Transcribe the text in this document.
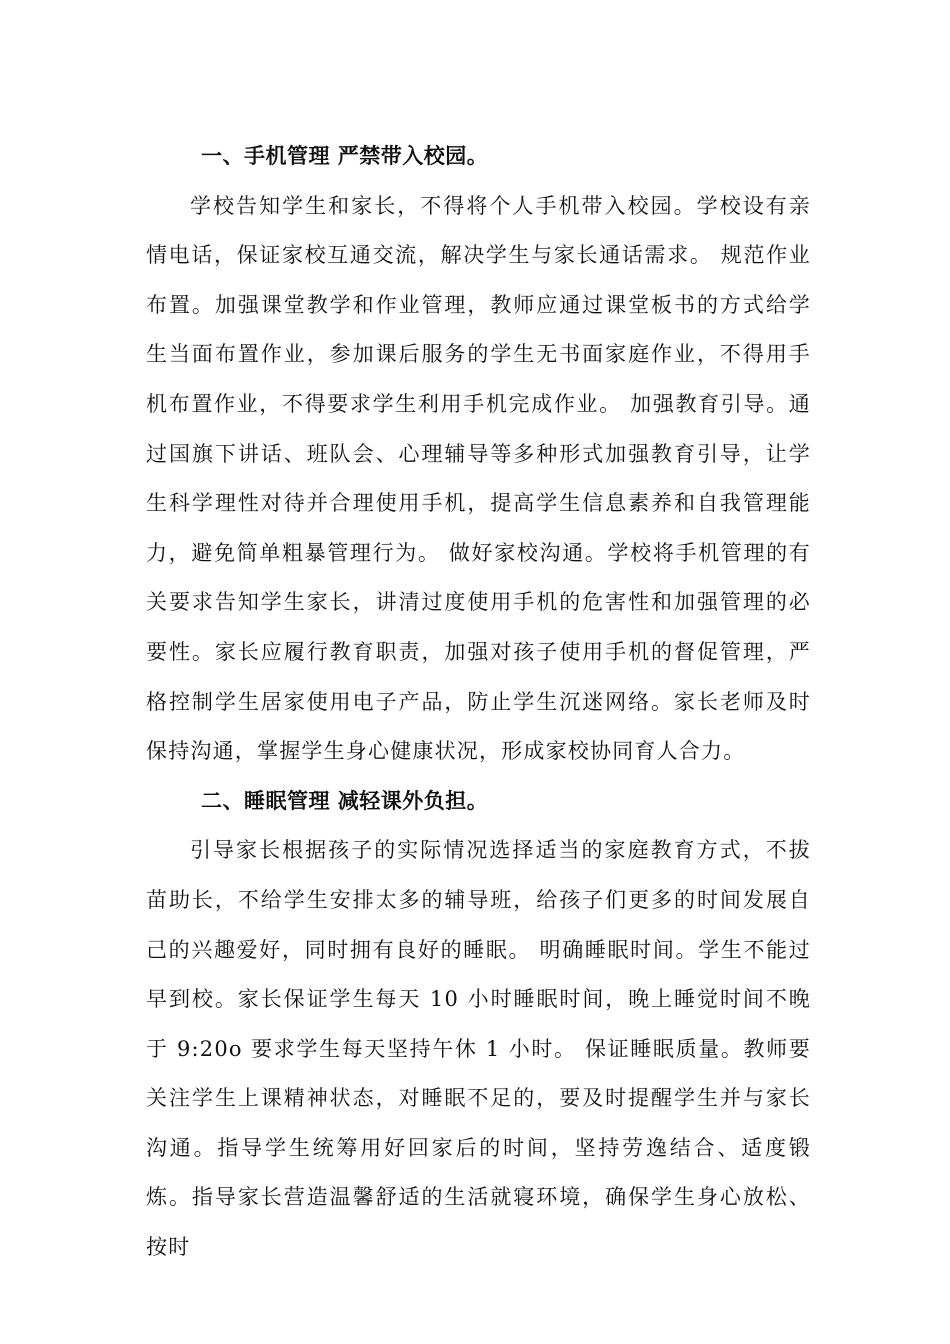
一、手机管理 严禁带入校园。

学校告知学生和家长，不得将个人手机带入校园。学校设有亲情电话，保证家校互通交流，解决学生与家长通话需求。 规范作业布置。加强课堂教学和作业管理，教师应通过课堂板书的方式给学生当面布置作业，参加课后服务的学生无书面家庭作业，不得用手机布置作业，不得要求学生利用手机完成作业。 加强教育引导。通过国旗下讲话、班队会、心理辅导等多种形式加强教育引导，让学生科学理性对待并合理使用手机，提高学生信息素养和自我管理能力，避免简单粗暴管理行为。 做好家校沟通。学校将手机管理的有关要求告知学生家长，讲清过度使用手机的危害性和加强管理的必要性。家长应履行教育职责，加强对孩子使用手机的督促管理，严格控制学生居家使用电子产品，防止学生沉迷网络。家长老师及时保持沟通，掌握学生身心健康状况，形成家校协同育人合力。

二、睡眠管理 减轻课外负担。

引导家长根据孩子的实际情况选择适当的家庭教育方式，不拔苗助长，不给学生安排太多的辅导班，给孩子们更多的时间发展自己的兴趣爱好，同时拥有良好的睡眠。 明确睡眠时间。学生不能过早到校。家长保证学生每天 10 小时睡眠时间，晚上睡觉时间不晚于 9:20o 要求学生每天坚持午休 1 小时。 保证睡眠质量。教师要关注学生上课精神状态，对睡眠不足的，要及时提醒学生并与家长沟通。指导学生统筹用好回家后的时间，坚持劳逸结合、适度锻炼。指导家长营造温馨舒适的生活就寝环境，确保学生身心放松、按时
